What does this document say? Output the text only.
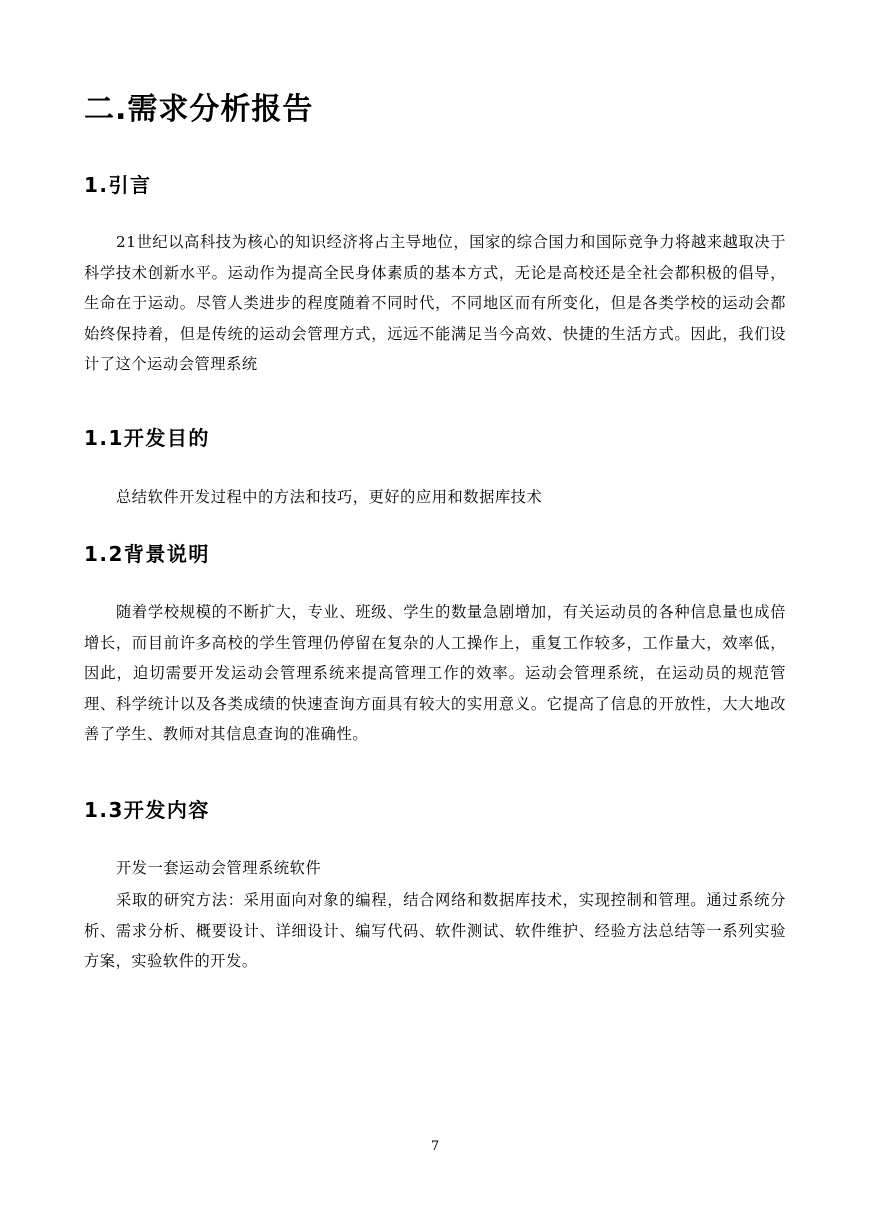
二.需求分析报告
1.引言

21世纪以高科技为核心的知识经济将占主导地位，国家的综合国力和国际竞争力将越来越取决于科学技术创新水平。运动作为提高全民身体素质的基本方式，无论是高校还是全社会都积极的倡导，生命在于运动。尽管人类进步的程度随着不同时代，不同地区而有所变化，但是各类学校的运动会都始终保持着，但是传统的运动会管理方式，远远不能满足当今高效、快捷的生活方式。因此，我们设计了这个运动会管理系统

1.1开发目的

总结软件开发过程中的方法和技巧，更好的应用和数据库技术

1.2背景说明

随着学校规模的不断扩大，专业、班级、学生的数量急剧增加，有关运动员的各种信息量也成倍增长，而目前许多高校的学生管理仍停留在复杂的人工操作上，重复工作较多，工作量大，效率低，因此，迫切需要开发运动会管理系统来提高管理工作的效率。运动会管理系统，在运动员的规范管理、科学统计以及各类成绩的快速查询方面具有较大的实用意义。它提高了信息的开放性，大大地改善了学生、教师对其信息查询的准确性。

1.3开发内容

开发一套运动会管理系统软件

采取的研究方法：采用面向对象的编程，结合网络和数据库技术，实现控制和管理。通过系统分析、需求分析、概要设计、详细设计、编写代码、软件测试、软件维护、经验方法总结等一系列实验方案，实验软件的开发。

7
